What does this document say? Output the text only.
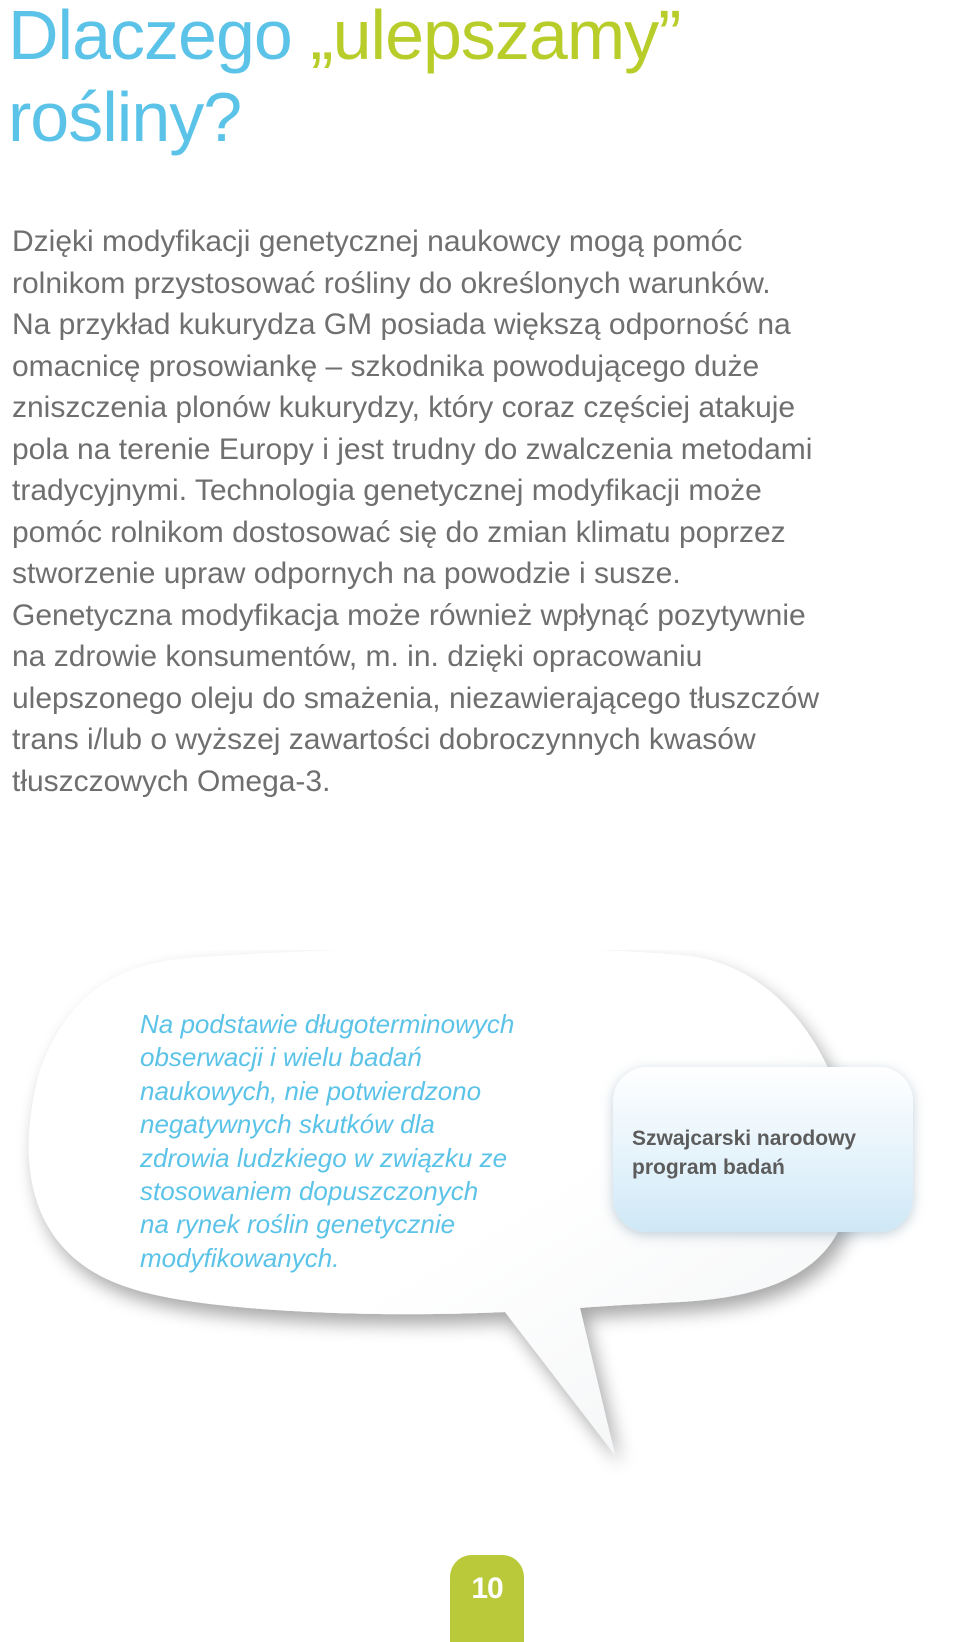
Dlaczego „ulepszamy”
rośliny?

Dzięki modyfikacji genetycznej naukowcy mogą pomóc
rolnikom przystosować rośliny do określonych warunków.
Na przykład kukurydza GM posiada większą odporność na
omacnicę prosowiankę – szkodnika powodującego duże
zniszczenia plonów kukurydzy, który coraz częściej atakuje
pola na terenie Europy i jest trudny do zwalczenia metodami
tradycyjnymi. Technologia genetycznej modyfikacji może
pomóc rolnikom dostosować się do zmian klimatu poprzez
stworzenie upraw odpornych na powodzie i susze.
Genetyczna modyfikacja może również wpłynąć pozytywnie
na zdrowie konsumentów, m. in. dzięki opracowaniu
ulepszonego oleju do smażenia, niezawierającego tłuszczów
trans i/lub o wyższej zawartości dobroczynnych kwasów
tłuszczowych Omega-3.

Na podstawie długoterminowych
obserwacji i wielu badań
naukowych, nie potwierdzono
negatywnych skutków dla
zdrowia ludzkiego w związku ze
stosowaniem dopuszczonych
na rynek roślin genetycznie
modyfikowanych.

Szwajcarski narodowy
program badań

10
